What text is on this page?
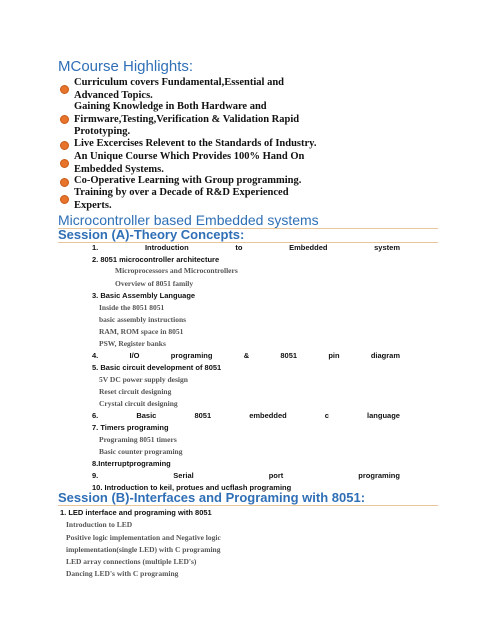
MCourse Highlights:
Curriculum covers Fundamental,Essential and Advanced Topics.
Gaining Knowledge in Both Hardware and Firmware,Testing,Verification & Validation Rapid Prototyping.
Live Excercises Relevent to the Standards of Industry.
An Unique Course Which Provides 100% Hand On Embedded Systems.
Co-Operative Learning with Group programming.
Training by over a Decade of R&D Experienced Experts.
Microcontroller based Embedded systems
Session (A)-Theory Concepts:
1.	Introduction	to	Embedded	system
2. 8051 microcontroller architecture
Microprocessors and Microcontrollers
Overview of 8051 family
3. Basic Assembly Language
Inside the 8051 8051
basic assembly instructions
RAM, ROM space in 8051
PSW, Register banks
4.	I/O	programing	&	8051	pin	diagram
5. Basic circuit development of 8051
5V DC power supply design
Reset circuit designing
Crystal circuit designing
6.	Basic	8051	embedded	c	language
7. Timers programing
Programing 8051 timers
Basic counter programing
8.Interruptprograming
9.	Serial	port	programing
10. Introduction to keil, protues and ucflash programing
Session (B)-Interfaces and Programing with 8051:
1. LED interface and programing with 8051
Introduction to LED
Positive logic implementation and Negative logic
implementation(single LED) with C programing
LED array connections (multiple LED's)
Dancing LED's with C programing
